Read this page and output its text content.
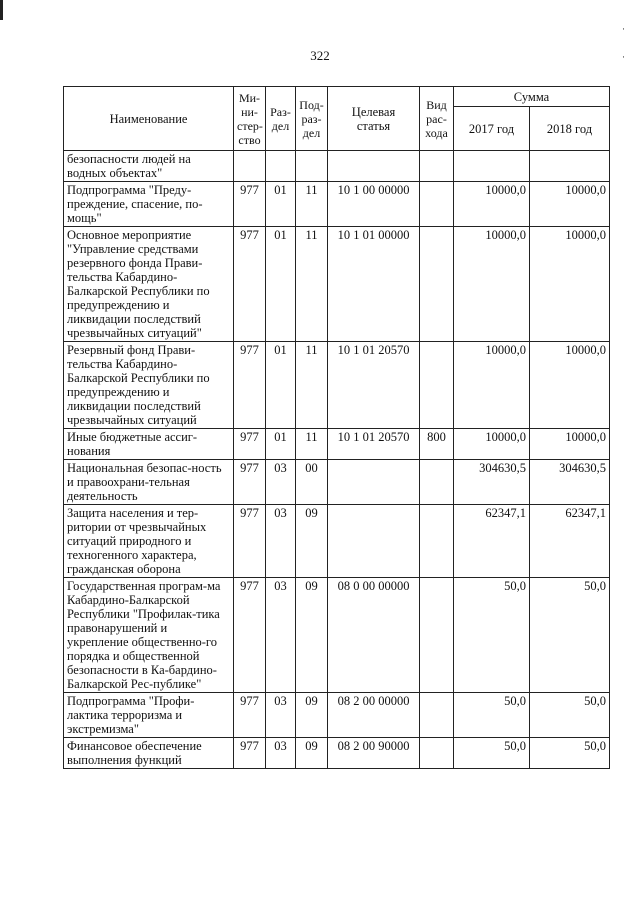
·
·
322
Наименование	Ми-
ни-
стер-
ство	Раз-
дел	Под-
раз-
дел	Целевая
статья	Вид
рас-
хода	Сумма	
						2017 год	2018 год
безопасности людей на водных объектах"							
Подпрограмма "Преду-преждение, спасение, по-мощь"	977	01	11	10 1 00 00000		10000,0	10000,0
Основное мероприятие "Управление средствами резервного фонда Прави-тельства Кабардино-Балкарской Республики по предупреждению и ликвидации последствий чрезвычайных ситуаций"	977	01	11	10 1 01 00000		10000,0	10000,0
Резервный фонд Прави-тельства Кабардино-Балкарской Республики по предупреждению и ликвидации последствий чрезвычайных ситуаций	977	01	11	10 1 01 20570		10000,0	10000,0
Иные бюджетные ассиг-нования	977	01	11	10 1 01 20570	800	10000,0	10000,0
Национальная безопас-ность и правоохрани-тельная деятельность	977	03	00			304630,5	304630,5
Защита населения и тер-ритории от чрезвычайных ситуаций природного и техногенного характера, гражданская оборона	977	03	09			62347,1	62347,1
Государственная програм-ма Кабардино-Балкарской Республики "Профилак-тика правонарушений и укрепление общественно-го порядка и общественной безопасности в Ка-бардино-Балкарской Рес-публике"	977	03	09	08 0 00 00000		50,0	50,0
Подпрограмма "Профи-лактика терроризма и экстремизма"	977	03	09	08 2 00 00000		50,0	50,0
Финансовое обеспечение выполнения функций	977	03	09	08 2 00 90000		50,0	50,0
